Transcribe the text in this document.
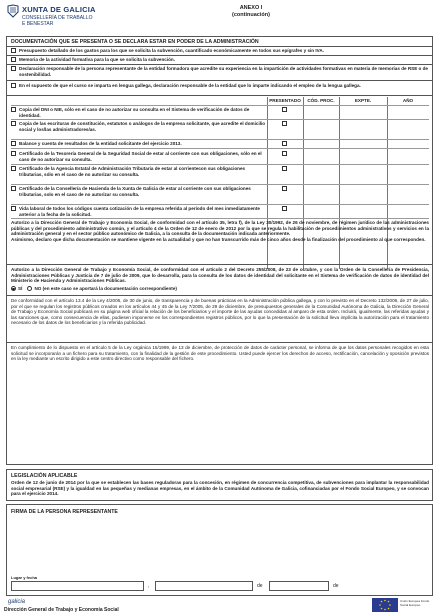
XUNTA DE GALICIA
CONSELLERÍA DE TRABALLO
E BENESTAR
ANEXO I
(continuación)
DOCUMENTACIÓN QUE SE PRESENTA O SE DECLARA ESTAR EN PODER DE LA ADMINISTRACIÓN
Presupuesto detallado de los gastos para los que se solicita la subvención, cuantificado económicamente en todos sus epígrafes y sin IVA.
Memoria de la actividad formativa para la que se solicita la subvención.
Declaración responsable de la persona representante de la entidad formadora que acredite su experiencia en la impartición de actividades formativas en materia de memorias de RSE o de sostenibilidad.
En el supuesto de que el curso se imparta en lengua gallega, declaración responsable de la entidad que lo imparte indicando el empleo de la lengua gallega.
PRESENTADO	CÓD. PROC.	EXPTE.	AÑO
Copia del DNI o NIE, sólo en el caso de no autorizar su consulta en el Sistema de verificación de datos de identidad.
Copia de las escrituras de constitución, estatutos o análogos de la empresa solicitante, que acredite el domicilio social y los/las administradores/as.
Balance y cuenta de resultados de la entidad solicitante del ejercicio 2013.
Certificado de la Tesorería General de la Seguridad Social de estar al corriente con sus obligaciones, sólo en el caso de no autorizar su consulta.
Certificado de la Agencia Estatal de Administración Tributaria de estar al corrientecon sus obligaciones tributarias, sólo en el caso de no autorizar su consulta.
Certificado de la Consellería de Hacienda de la Xunta de Galicia de estar al corriente con sus obligaciones tributarias, solo en el caso de no autorizar su consulta.
Vida laboral de todos los códigos cuenta cotización de la empresa referida al período del mes inmediatamente anterior a la fecha de la solicitud.
Autorizo a la Dirección General de Trabajo y Economía Social, de conformidad con el artículo 35, letra f), de la Ley 30/1992, de 26 de noviembre, de régimen jurídico de las administraciones públicas y del procedimiento administrativo común, y el artículo 4 de la Orden de 12 de enero de 2012 por la que se regula la habilitación de procedimientos administrativos y servicios en la administración general y en el sector público autonómico de Galicia, a la consulta de la documentación indicada anteriormente.
Asimismo, declaro que dicha documentación se mantiene vigente en la actualidad y que no han transcurrido más de cinco años desde la finalización del procedimiento al que corresponden.
Autorizo a la Dirección General de Trabajo y Economía Social, de conformidad con el artículo 2 del Decreto 255/2008, de 23 de octubre, y con la Orden de la Consellería de Presidencia, Administraciones Públicas y Justicia de 7 de julio de 2009, que lo desarrolla, para la consulta de los datos de identidad del solicitante en el Sistema de verificación de datos de identidad del Ministerio de Hacienda y Administraciones Públicas.
SÍ	NO (en este caso se aportará la documentación correspondiente)
De conformidad con el artículo 13.4 de la Ley 4/2006, de 30 de junio, de transparencia y de buenas prácticas en la Administración pública gallega, y con lo previsto en el Decreto 132/2006, de 27 de julio, por el que se regulan los registros públicos creados en los artículos 44 y 45 de la Ley 7/2005, de 29 de diciembre, de presupuestos generales de la Comunidad Autónoma de Galicia, la Dirección General de Trabajo y Economía Social publicará en su página web oficial la relación de los beneficiarios y el importe de las ayudas concedidas al amparo de esta orden. Incluirá, igualmente, las referidas ayudas y las sanciones que, como consecuencia de ellas, pudiesen imponerse en los correspondientes registros públicos, por lo que la presentación de la solicitud lleva implícita la autorización para el tratamiento necesario de los datos de los beneficiarios y la referida publicidad.
En cumplimiento de lo dispuesto en el artículo 5 de la Ley orgánica 15/1999, de 13 de diciembre, de protección de datos de carácter personal, se informa de que los datos personales recogidos en esta solicitud se incorporarán a un fichero para su tratamiento, con la finalidad de la gestión de este procedimiento. Usted puede ejercer los derechos de acceso, rectificación, cancelación y oposición previstos en la ley mediante un escrito dirigido a este centro directivo como responsable del fichero.
LEGISLACIÓN APLICABLE
Orden de 12 de junio de 2014 por la que se establecen las bases reguladoras para la concesión, en régimen de concurrencia competitiva, de subvenciones para implantar la responsabilidad social empresarial (RSE) y la igualdad en las pequeñas y medianas empresas, en el ámbito de la Comunidad Autónoma de Galicia, cofinanciadas por el Fondo Social Europeo, y se convocan para el ejercicio 2014.
FIRMA DE LA PERSONA REPRESENTANTE
Lugar y fecha
,	de	de
galicia
Dirección General de Trabajo y Economía Social
Unión Europea Fondo Social Europeo
